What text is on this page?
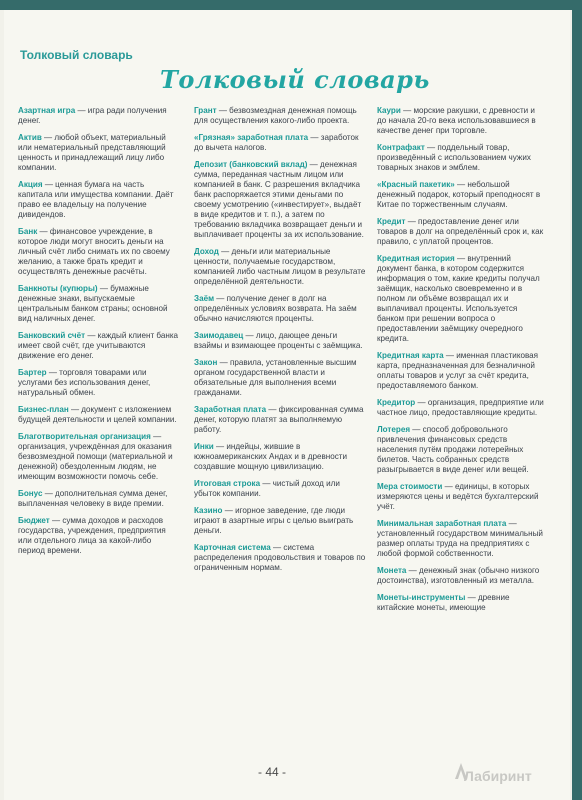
Толковый словарь
Толковый словарь
Азартная игра — игра ради получения денег.
Актив — любой объект, материальный или нематериальный представляющий ценность и принадлежащий лицу либо компании.
Акция — ценная бумага на часть капитала или имущества компании. Даёт право ее владельцу на получение дивидендов.
Банк — финансовое учреждение, в которое люди могут вносить деньги на личный счёт либо снимать их по своему желанию, а также брать кредит и осуществлять денежные расчёты.
Банкноты (купюры) — бумажные денежные знаки, выпускаемые центральным банком страны; основной вид наличных денег.
Банковский счёт — каждый клиент банка имеет свой счёт, где учитываются движение его денег.
Бартер — торговля товарами или услугами без использования денег, натуральный обмен.
Бизнес-план — документ с изложением будущей деятельности и целей компании.
Благотворительная организация — организация, учреждённая для оказания безвозмездной помощи (материальной и денежной) обездоленным людям, не имеющим возможности помочь себе.
Бонус — дополнительная сумма денег, выплаченная человеку в виде премии.
Бюджет — сумма доходов и расходов государства, учреждения, предприятия или отдельного лица за какой-либо период времени.
Грант — безвозмездная денежная помощь для осуществления какого-либо проекта.
«Грязная» заработная плата — заработок до вычета налогов.
Депозит (банковский вклад) — денежная сумма, переданная частным лицом или компанией в банк. С разрешения вкладчика банк распоряжается этими деньгами по своему усмотрению («инвестирует», выдаёт в виде кредитов и т. п.), а затем по требованию вкладчика возвращает деньги и выплачивает проценты за их использование.
Доход — деньги или материальные ценности, получаемые государством, компанией либо частным лицом в результате определённой деятельности.
Заём — получение денег в долг на определённых условиях возврата. На заём обычно начисляются проценты.
Заимодавец — лицо, дающее деньги взаймы и взимающее проценты с заёмщика.
Закон — правила, установленные высшим органом государственной власти и обязательные для выполнения всеми гражданами.
Заработная плата — фиксированная сумма денег, которую платят за выполняемую работу.
Инки — индейцы, жившие в южноамериканских Андах и в древности создавшие мощную цивилизацию.
Итоговая строка — чистый доход или убыток компании.
Казино — игорное заведение, где люди играют в азартные игры с целью выиграть деньги.
Карточная система — система распределения продовольствия и товаров по ограниченным нормам.
Каури — морские ракушки, с древности и до начала 20-го века использовавшиеся в качестве денег при торговле.
Контрафакт — поддельный товар, произведённый с использованием чужих товарных знаков и эмблем.
«Красный пакетик» — небольшой денежный подарок, который преподносят в Китае по торжественным случаям.
Кредит — предоставление денег или товаров в долг на определённый срок и, как правило, с уплатой процентов.
Кредитная история — внутренний документ банка, в котором содержится информация о том, какие кредиты получал заёмщик, насколько своевременно и в полном ли объёме возвращал их и выплачивал проценты. Используется банком при решении вопроса о предоставлении заёмщику очередного кредита.
Кредитная карта — именная пластиковая карта, предназначенная для безналичной оплаты товаров и услуг за счёт кредита, предоставляемого банком.
Кредитор — организация, предприятие или частное лицо, предоставляющие кредиты.
Лотерея — способ добровольного привлечения финансовых средств населения путём продажи лотерейных билетов. Часть собранных средств разыгрывается в виде денег или вещей.
Мера стоимости — единицы, в которых измеряются цены и ведётся бухгалтерский учёт.
Минимальная заработная плата — установленный государством минимальный размер оплаты труда на предприятиях с любой формой собственности.
Монета — денежный знак (обычно низкого достоинства), изготовленный из металла.
Монеты-инструменты — древние китайские монеты, имеющие
- 44 -	Лабиринт
